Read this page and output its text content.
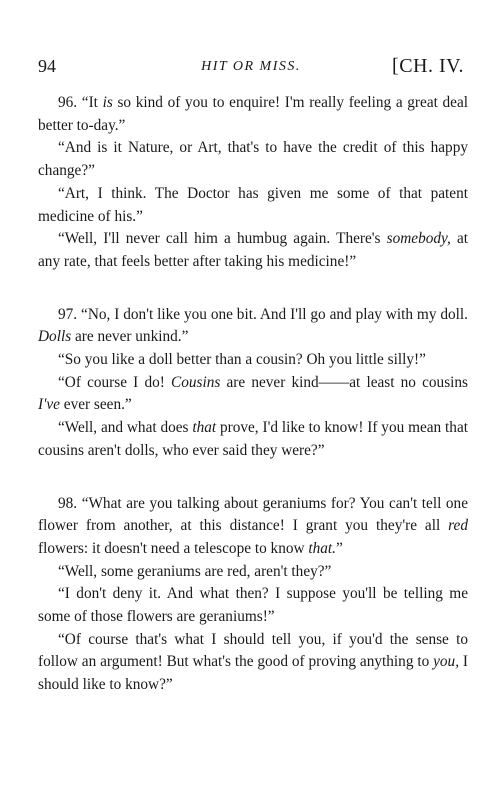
94	HIT OR MISS.	[CH. IV.

96. “It is so kind of you to enquire! I'm really feeling a great deal better to-day.”

“And is it Nature, or Art, that's to have the credit of this happy change?”

“Art, I think. The Doctor has given me some of that patent medicine of his.”

“Well, I'll never call him a humbug again. There's somebody, at any rate, that feels better after taking his medicine!”

97. “No, I don't like you one bit. And I'll go and play with my doll. Dolls are never unkind.”

“So you like a doll better than a cousin? Oh you little silly!”

“Of course I do! Cousins are never kind——at least no cousins I've ever seen.”

“Well, and what does that prove, I'd like to know! If you mean that cousins aren't dolls, who ever said they were?”

98. “What are you talking about geraniums for? You can't tell one flower from another, at this distance! I grant you they're all red flowers: it doesn't need a telescope to know that.”

“Well, some geraniums are red, aren't they?”

“I don't deny it. And what then? I suppose you'll be telling me some of those flowers are geraniums!”

“Of course that's what I should tell you, if you'd the sense to follow an argument! But what's the good of proving anything to you, I should like to know?”
